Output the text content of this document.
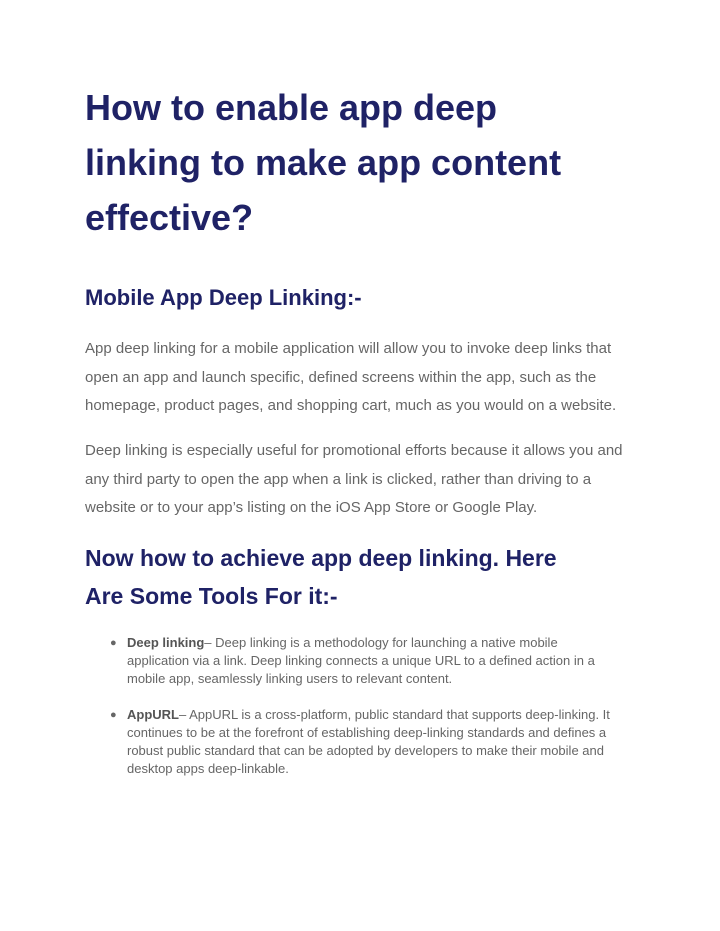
How to enable app deep
linking to make app content
effective?
Mobile App Deep Linking:-

App deep linking for a mobile application will allow you to invoke deep links that
open an app and launch specific, defined screens within the app, such as the
homepage, product pages, and shopping cart, much as you would on a website.

Deep linking is especially useful for promotional efforts because it allows you and
any third party to open the app when a link is clicked, rather than driving to a
website or to your app’s listing on the iOS App Store or Google Play.

Now how to achieve app deep linking. Here
Are Some Tools For it:-
● Deep linking– Deep linking is a methodology for launching a native mobile
application via a link. Deep linking connects a unique URL to a defined action in a
mobile app, seamlessly linking users to relevant content.
● AppURL– AppURL is a cross-platform, public standard that supports deep-linking. It
continues to be at the forefront of establishing deep-linking standards and defines a
robust public standard that can be adopted by developers to make their mobile and
desktop apps deep-linkable.
